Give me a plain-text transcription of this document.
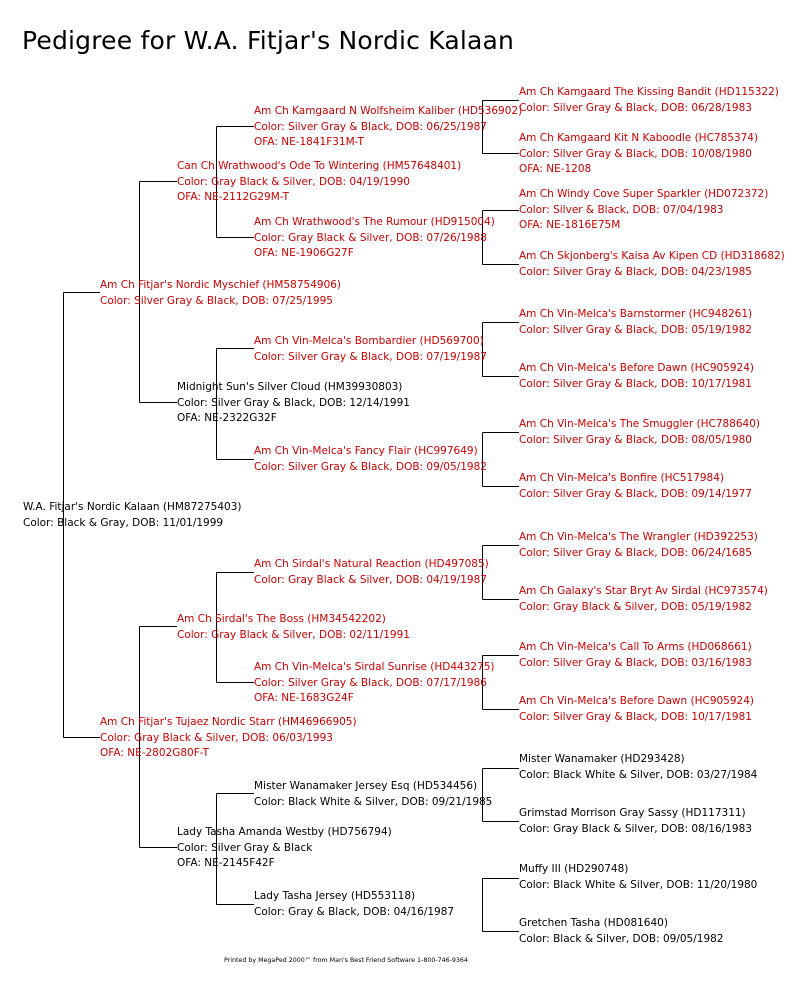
Pedigree for W.A. Fitjar's Nordic Kalaan
W.A. Fitjar's Nordic Kalaan (HM87275403)
Color: Black & Gray, DOB: 11/01/1999
Am Ch Fitjar's Nordic Myschief (HM58754906)
Color: Silver Gray & Black, DOB: 07/25/1995
Am Ch Fitjar's Tujaez Nordic Starr (HM46966905)
Color: Gray Black & Silver, DOB: 06/03/1993
OFA: NE-2802G80F-T
Can Ch Wrathwood's Ode To Wintering (HM57648401)
Color: Gray Black & Silver, DOB: 04/19/1990
OFA: NE-2112G29M-T
Midnight Sun's Silver Cloud (HM39930803)
Color: Silver Gray & Black, DOB: 12/14/1991
OFA: NE-2322G32F
Am Ch Sirdal's The Boss (HM34542202)
Color: Gray Black & Silver, DOB: 02/11/1991
Lady Tasha Amanda Westby (HD756794)
Color: Silver Gray & Black
OFA: NE-2145F42F
Am Ch Kamgaard N Wolfsheim Kaliber (HD536902)
Color: Silver Gray & Black, DOB: 06/25/1987
OFA: NE-1841F31M-T
Am Ch Wrathwood's The Rumour (HD915004)
Color: Gray Black & Silver, DOB: 07/26/1988
OFA: NE-1906G27F
Am Ch Vin-Melca's Bombardier (HD569700)
Color: Silver Gray & Black, DOB: 07/19/1987
Am Ch Vin-Melca's Fancy Flair (HC997649)
Color: Silver Gray & Black, DOB: 09/05/1982
Am Ch Sirdal's Natural Reaction (HD497085)
Color: Gray Black & Silver, DOB: 04/19/1987
Am Ch Vin-Melca's Sirdal Sunrise (HD443275)
Color: Silver Gray & Black, DOB: 07/17/1986
OFA: NE-1683G24F
Mister Wanamaker Jersey Esq (HD534456)
Color: Black White & Silver, DOB: 09/21/1985
Lady Tasha Jersey (HD553118)
Color: Gray & Black, DOB: 04/16/1987
Am Ch Kamgaard The Kissing Bandit (HD115322)
Color: Silver Gray & Black, DOB: 06/28/1983
Am Ch Kamgaard Kit N Kaboodle (HC785374)
Color: Silver Gray & Black, DOB: 10/08/1980
OFA: NE-1208
Am Ch Windy Cove Super Sparkler (HD072372)
Color: Silver & Black, DOB: 07/04/1983
OFA: NE-1816E75M
Am Ch Skjonberg's Kaisa Av Kipen CD (HD318682)
Color: Silver Gray & Black, DOB: 04/23/1985
Am Ch Vin-Melca's Barnstormer (HC948261)
Color: Silver Gray & Black, DOB: 05/19/1982
Am Ch Vin-Melca's Before Dawn (HC905924)
Color: Silver Gray & Black, DOB: 10/17/1981
Am Ch Vin-Melca's The Smuggler (HC788640)
Color: Silver Gray & Black, DOB: 08/05/1980
Am Ch Vin-Melca's Bonfire (HC517984)
Color: Silver Gray & Black, DOB: 09/14/1977
Am Ch Vin-Melca's The Wrangler (HD392253)
Color: Silver Gray & Black, DOB: 06/24/1685
Am Ch Galaxy's Star Bryt Av Sirdal (HC973574)
Color: Gray Black & Silver, DOB: 05/19/1982
Am Ch Vin-Melca's Call To Arms (HD068661)
Color: Silver Gray & Black, DOB: 03/16/1983
Am Ch Vin-Melca's Before Dawn (HC905924)
Color: Silver Gray & Black, DOB: 10/17/1981
Mister Wanamaker (HD293428)
Color: Black White & Silver, DOB: 03/27/1984
Grimstad Morrison Gray Sassy (HD117311)
Color: Gray Black & Silver, DOB: 08/16/1983
Muffy III (HD290748)
Color: Black White & Silver, DOB: 11/20/1980
Gretchen Tasha (HD081640)
Color: Black & Silver, DOB: 09/05/1982
Printed by MegaPed 2000™ from Man's Best Friend Software 1-800-746-9364
